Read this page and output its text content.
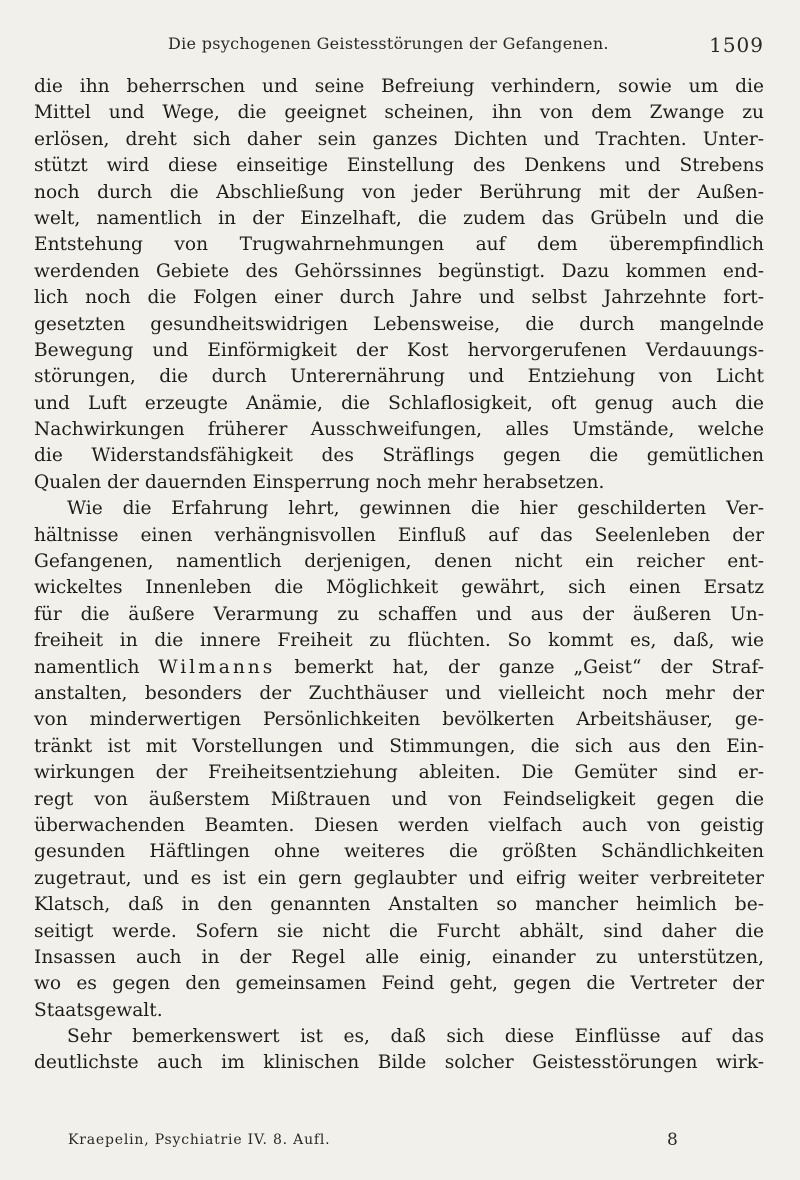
Die psychogenen Geistesstörungen der Gefangenen.	1509
die ihn beherrschen und seine Befreiung verhindern, sowie um die
Mittel und Wege, die geeignet scheinen, ihn von dem Zwange zu
erlösen, dreht sich daher sein ganzes Dichten und Trachten. Unter-
stützt wird diese einseitige Einstellung des Denkens und Strebens
noch durch die Abschließung von jeder Berührung mit der Außen-
welt, namentlich in der Einzelhaft, die zudem das Grübeln und die
Entstehung von Trugwahrnehmungen auf dem überempfindlich
werdenden Gebiete des Gehörssinnes begünstigt. Dazu kommen end-
lich noch die Folgen einer durch Jahre und selbst Jahrzehnte fort-
gesetzten gesundheitswidrigen Lebensweise, die durch mangelnde
Bewegung und Einförmigkeit der Kost hervorgerufenen Verdauungs-
störungen, die durch Unterernährung und Entziehung von Licht
und Luft erzeugte Anämie, die Schlaflosigkeit, oft genug auch die
Nachwirkungen früherer Ausschweifungen, alles Umstände, welche
die Widerstandsfähigkeit des Sträflings gegen die gemütlichen
Qualen der dauernden Einsperrung noch mehr herabsetzen.
Wie die Erfahrung lehrt, gewinnen die hier geschilderten Ver-
hältnisse einen verhängnisvollen Einfluß auf das Seelenleben der
Gefangenen, namentlich derjenigen, denen nicht ein reicher ent-
wickeltes Innenleben die Möglichkeit gewährt, sich einen Ersatz
für die äußere Verarmung zu schaffen und aus der äußeren Un-
freiheit in die innere Freiheit zu flüchten. So kommt es, daß, wie
namentlich Wilmanns bemerkt hat, der ganze „Geist“ der Straf-
anstalten, besonders der Zuchthäuser und vielleicht noch mehr der
von minderwertigen Persönlichkeiten bevölkerten Arbeitshäuser, ge-
tränkt ist mit Vorstellungen und Stimmungen, die sich aus den Ein-
wirkungen der Freiheitsentziehung ableiten. Die Gemüter sind er-
regt von äußerstem Mißtrauen und von Feindseligkeit gegen die
überwachenden Beamten. Diesen werden vielfach auch von geistig
gesunden Häftlingen ohne weiteres die größten Schändlichkeiten
zugetraut, und es ist ein gern geglaubter und eifrig weiter verbreiteter
Klatsch, daß in den genannten Anstalten so mancher heimlich be-
seitigt werde. Sofern sie nicht die Furcht abhält, sind daher die
Insassen auch in der Regel alle einig, einander zu unterstützen,
wo es gegen den gemeinsamen Feind geht, gegen die Vertreter der
Staatsgewalt.
Sehr bemerkenswert ist es, daß sich diese Einflüsse auf das
deutlichste auch im klinischen Bilde solcher Geistesstörungen wirk-
Kraepelin, Psychiatrie IV. 8. Aufl.	8
